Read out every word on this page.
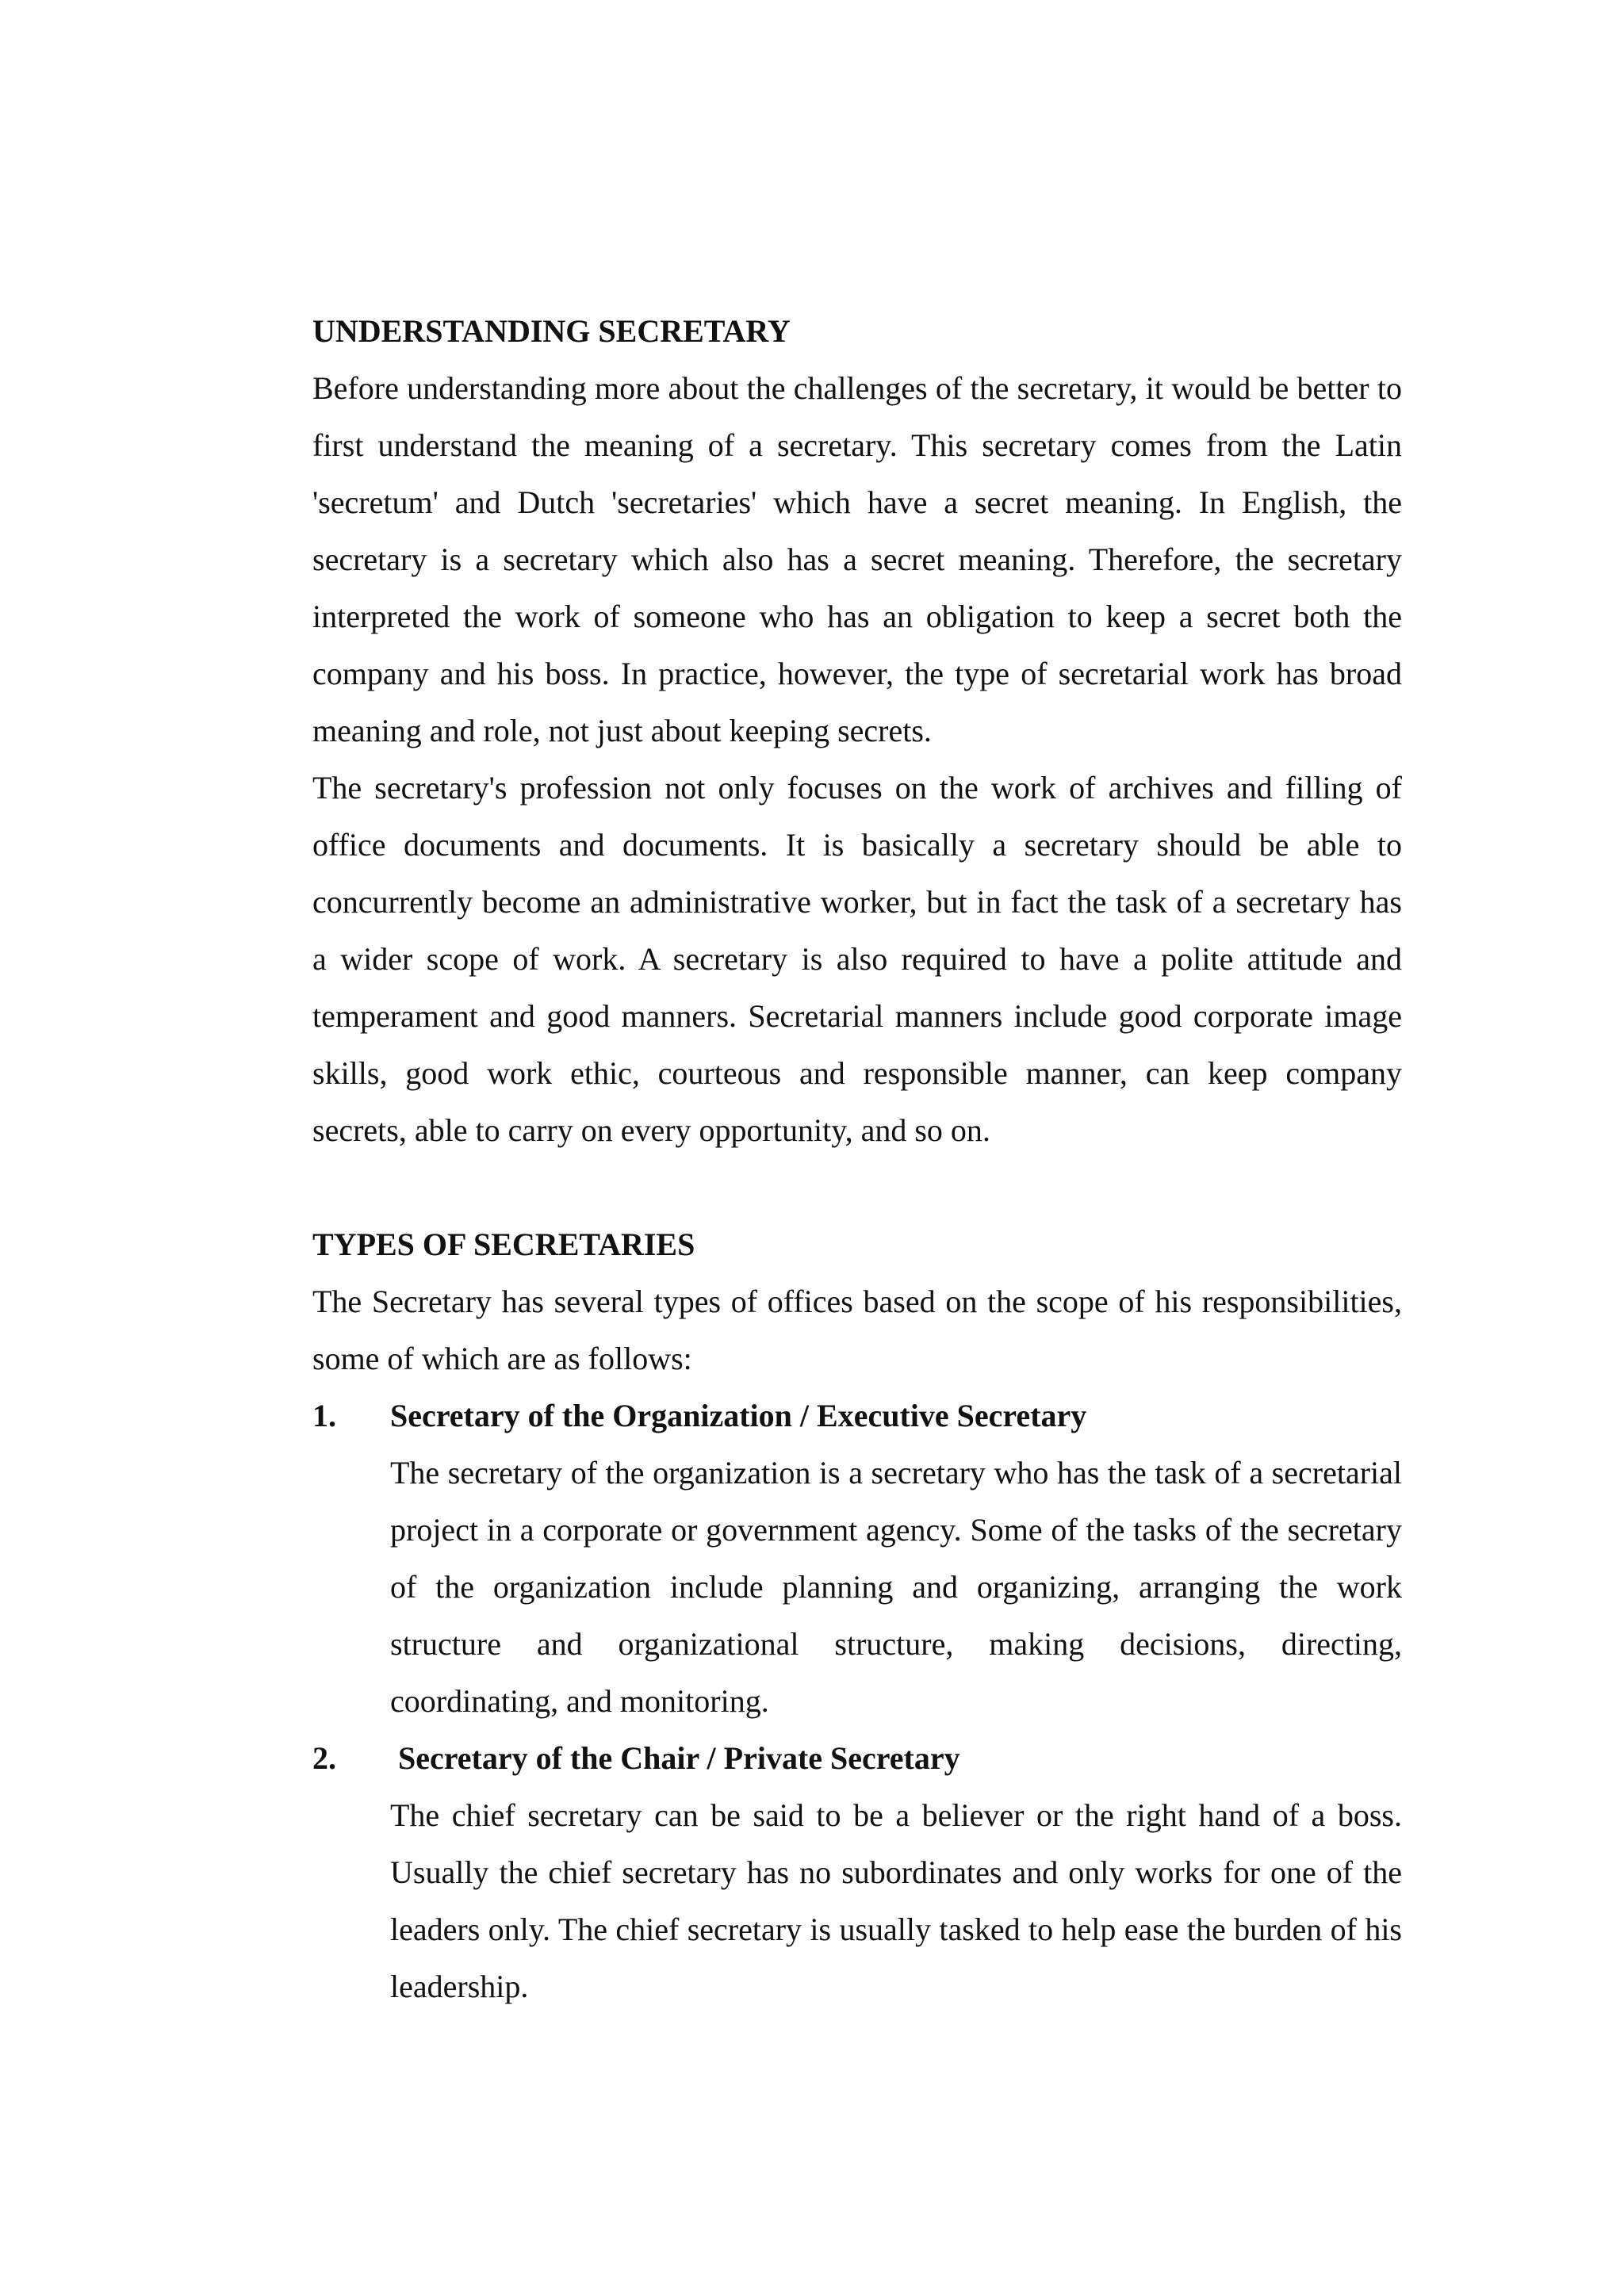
UNDERSTANDING SECRETARY

Before understanding more about the challenges of the secretary, it would be better to first understand the meaning of a secretary. This secretary comes from the Latin 'secretum' and Dutch 'secretaries' which have a secret meaning. In English, the secretary is a secretary which also has a secret meaning. Therefore, the secretary interpreted the work of someone who has an obligation to keep a secret both the company and his boss. In practice, however, the type of secretarial work has broad meaning and role, not just about keeping secrets.

The secretary's profession not only focuses on the work of archives and filling of office documents and documents. It is basically a secretary should be able to concurrently become an administrative worker, but in fact the task of a secretary has a wider scope of work. A secretary is also required to have a polite attitude and temperament and good manners. Secretarial manners include good corporate image skills, good work ethic, courteous and responsible manner, can keep company secrets, able to carry on every opportunity, and so on.

TYPES OF SECRETARIES

The Secretary has several types of offices based on the scope of his responsibilities, some of which are as follows:

1. Secretary of the Organization / Executive Secretary

The secretary of the organization is a secretary who has the task of a secretarial project in a corporate or government agency. Some of the tasks of the secretary of the organization include planning and organizing, arranging the work structure and organizational structure, making decisions, directing, coordinating, and monitoring.

2. Secretary of the Chair / Private Secretary

The chief secretary can be said to be a believer or the right hand of a boss. Usually the chief secretary has no subordinates and only works for one of the leaders only. The chief secretary is usually tasked to help ease the burden of his leadership.
